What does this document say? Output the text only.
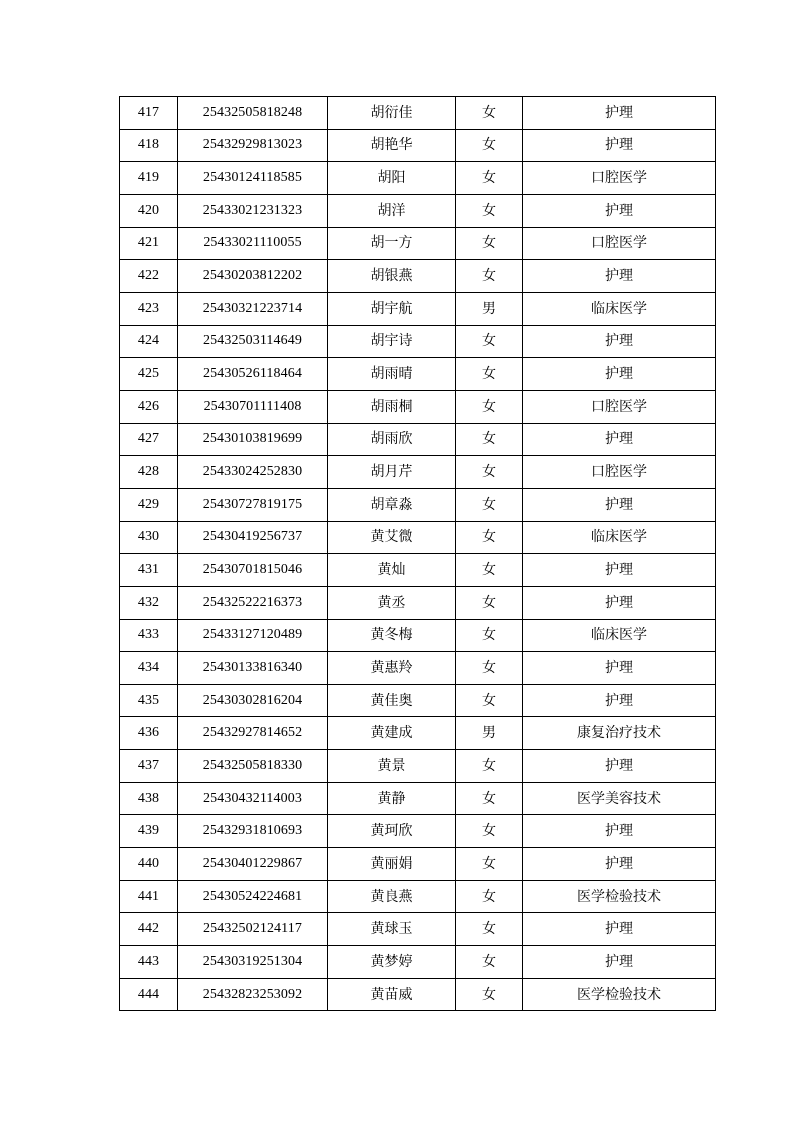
417	25432505818248	胡衍佳	女	护理
418	25432929813023	胡艳华	女	护理
419	25430124118585	胡阳	女	口腔医学
420	25433021231323	胡洋	女	护理
421	25433021110055	胡一方	女	口腔医学
422	25430203812202	胡银燕	女	护理
423	25430321223714	胡宇航	男	临床医学
424	25432503114649	胡宇诗	女	护理
425	25430526118464	胡雨晴	女	护理
426	25430701111408	胡雨桐	女	口腔医学
427	25430103819699	胡雨欣	女	护理
428	25433024252830	胡月芹	女	口腔医学
429	25430727819175	胡章淼	女	护理
430	25430419256737	黄艾微	女	临床医学
431	25430701815046	黄灿	女	护理
432	25432522216373	黄丞	女	护理
433	25433127120489	黄冬梅	女	临床医学
434	25430133816340	黄惠羚	女	护理
435	25430302816204	黄佳奥	女	护理
436	25432927814652	黄建成	男	康复治疗技术
437	25432505818330	黄景	女	护理
438	25430432114003	黄静	女	医学美容技术
439	25432931810693	黄珂欣	女	护理
440	25430401229867	黄丽娟	女	护理
441	25430524224681	黄良燕	女	医学检验技术
442	25432502124117	黄球玉	女	护理
443	25430319251304	黄梦婷	女	护理
444	25432823253092	黄苗威	女	医学检验技术
